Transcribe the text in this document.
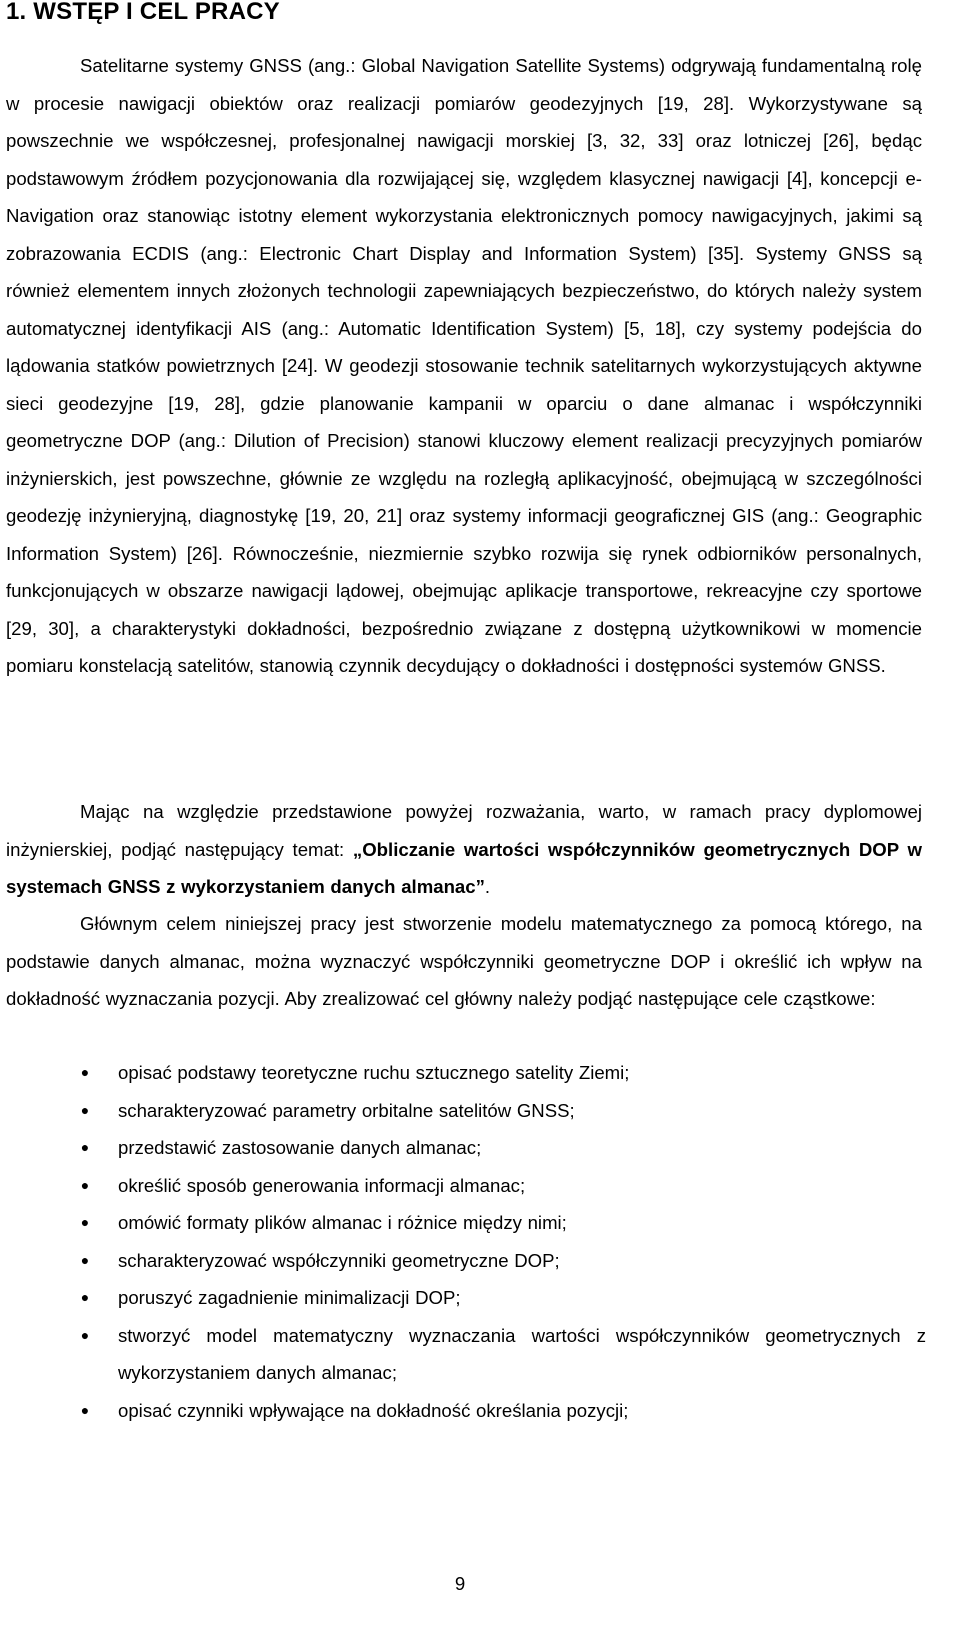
1. WSTĘP I CEL PRACY

Satelitarne systemy GNSS (ang.: Global Navigation Satellite Systems) odgrywają fundamentalną rolę w procesie nawigacji obiektów oraz realizacji pomiarów geodezyjnych [19, 28]. Wykorzystywane są powszechnie we współczesnej, profesjonalnej nawigacji morskiej [3, 32, 33] oraz lotniczej [26], będąc podstawowym źródłem pozycjonowania dla rozwijającej się, względem klasycznej nawigacji [4], koncepcji e-Navigation oraz stanowiąc istotny element wykorzystania elektronicznych pomocy nawigacyjnych, jakimi są zobrazowania ECDIS (ang.: Electronic Chart Display and Information System) [35]. Systemy GNSS są również elementem innych złożonych technologii zapewniających bezpieczeństwo, do których należy system automatycznej identyfikacji AIS (ang.: Automatic Identification System) [5, 18], czy systemy podejścia do lądowania statków powietrznych [24]. W geodezji stosowanie technik satelitarnych wykorzystujących aktywne sieci geodezyjne [19, 28], gdzie planowanie kampanii w oparciu o dane almanac i współczynniki geometryczne DOP (ang.: Dilution of Precision) stanowi kluczowy element realizacji precyzyjnych pomiarów inżynierskich, jest powszechne, głównie ze względu na rozległą aplikacyjność, obejmującą w szczególności geodezję inżynieryjną, diagnostykę [19, 20, 21] oraz systemy informacji geograficznej GIS (ang.: Geographic Information System) [26]. Równocześnie, niezmiernie szybko rozwija się rynek odbiorników personalnych, funkcjonujących w obszarze nawigacji lądowej, obejmując aplikacje transportowe, rekreacyjne czy sportowe [29, 30], a charakterystyki dokładności, bezpośrednio związane z dostępną użytkownikowi w momencie pomiaru konstelacją satelitów, stanowią czynnik decydujący o dokładności i dostępności systemów GNSS.

Mając na względzie przedstawione powyżej rozważania, warto, w ramach pracy dyplomowej inżynierskiej, podjąć następujący temat: „Obliczanie wartości współczynników geometrycznych DOP w systemach GNSS z wykorzystaniem danych almanac”.

Głównym celem niniejszej pracy jest stworzenie modelu matematycznego za pomocą którego, na podstawie danych almanac, można wyznaczyć współczynniki geometryczne DOP i określić ich wpływ na dokładność wyznaczania pozycji. Aby zrealizować cel główny należy podjąć następujące cele cząstkowe:

●	opisać podstawy teoretyczne ruchu sztucznego satelity Ziemi;
●	scharakteryzować parametry orbitalne satelitów GNSS;
●	przedstawić zastosowanie danych almanac;
●	określić sposób generowania informacji almanac;
●	omówić formaty plików almanac i różnice między nimi;
●	scharakteryzować współczynniki geometryczne DOP;
●	poruszyć zagadnienie minimalizacji DOP;
●	stworzyć model matematyczny wyznaczania wartości współczynników geometrycznych z wykorzystaniem danych almanac;
●	opisać czynniki wpływające na dokładność określania pozycji;
9
